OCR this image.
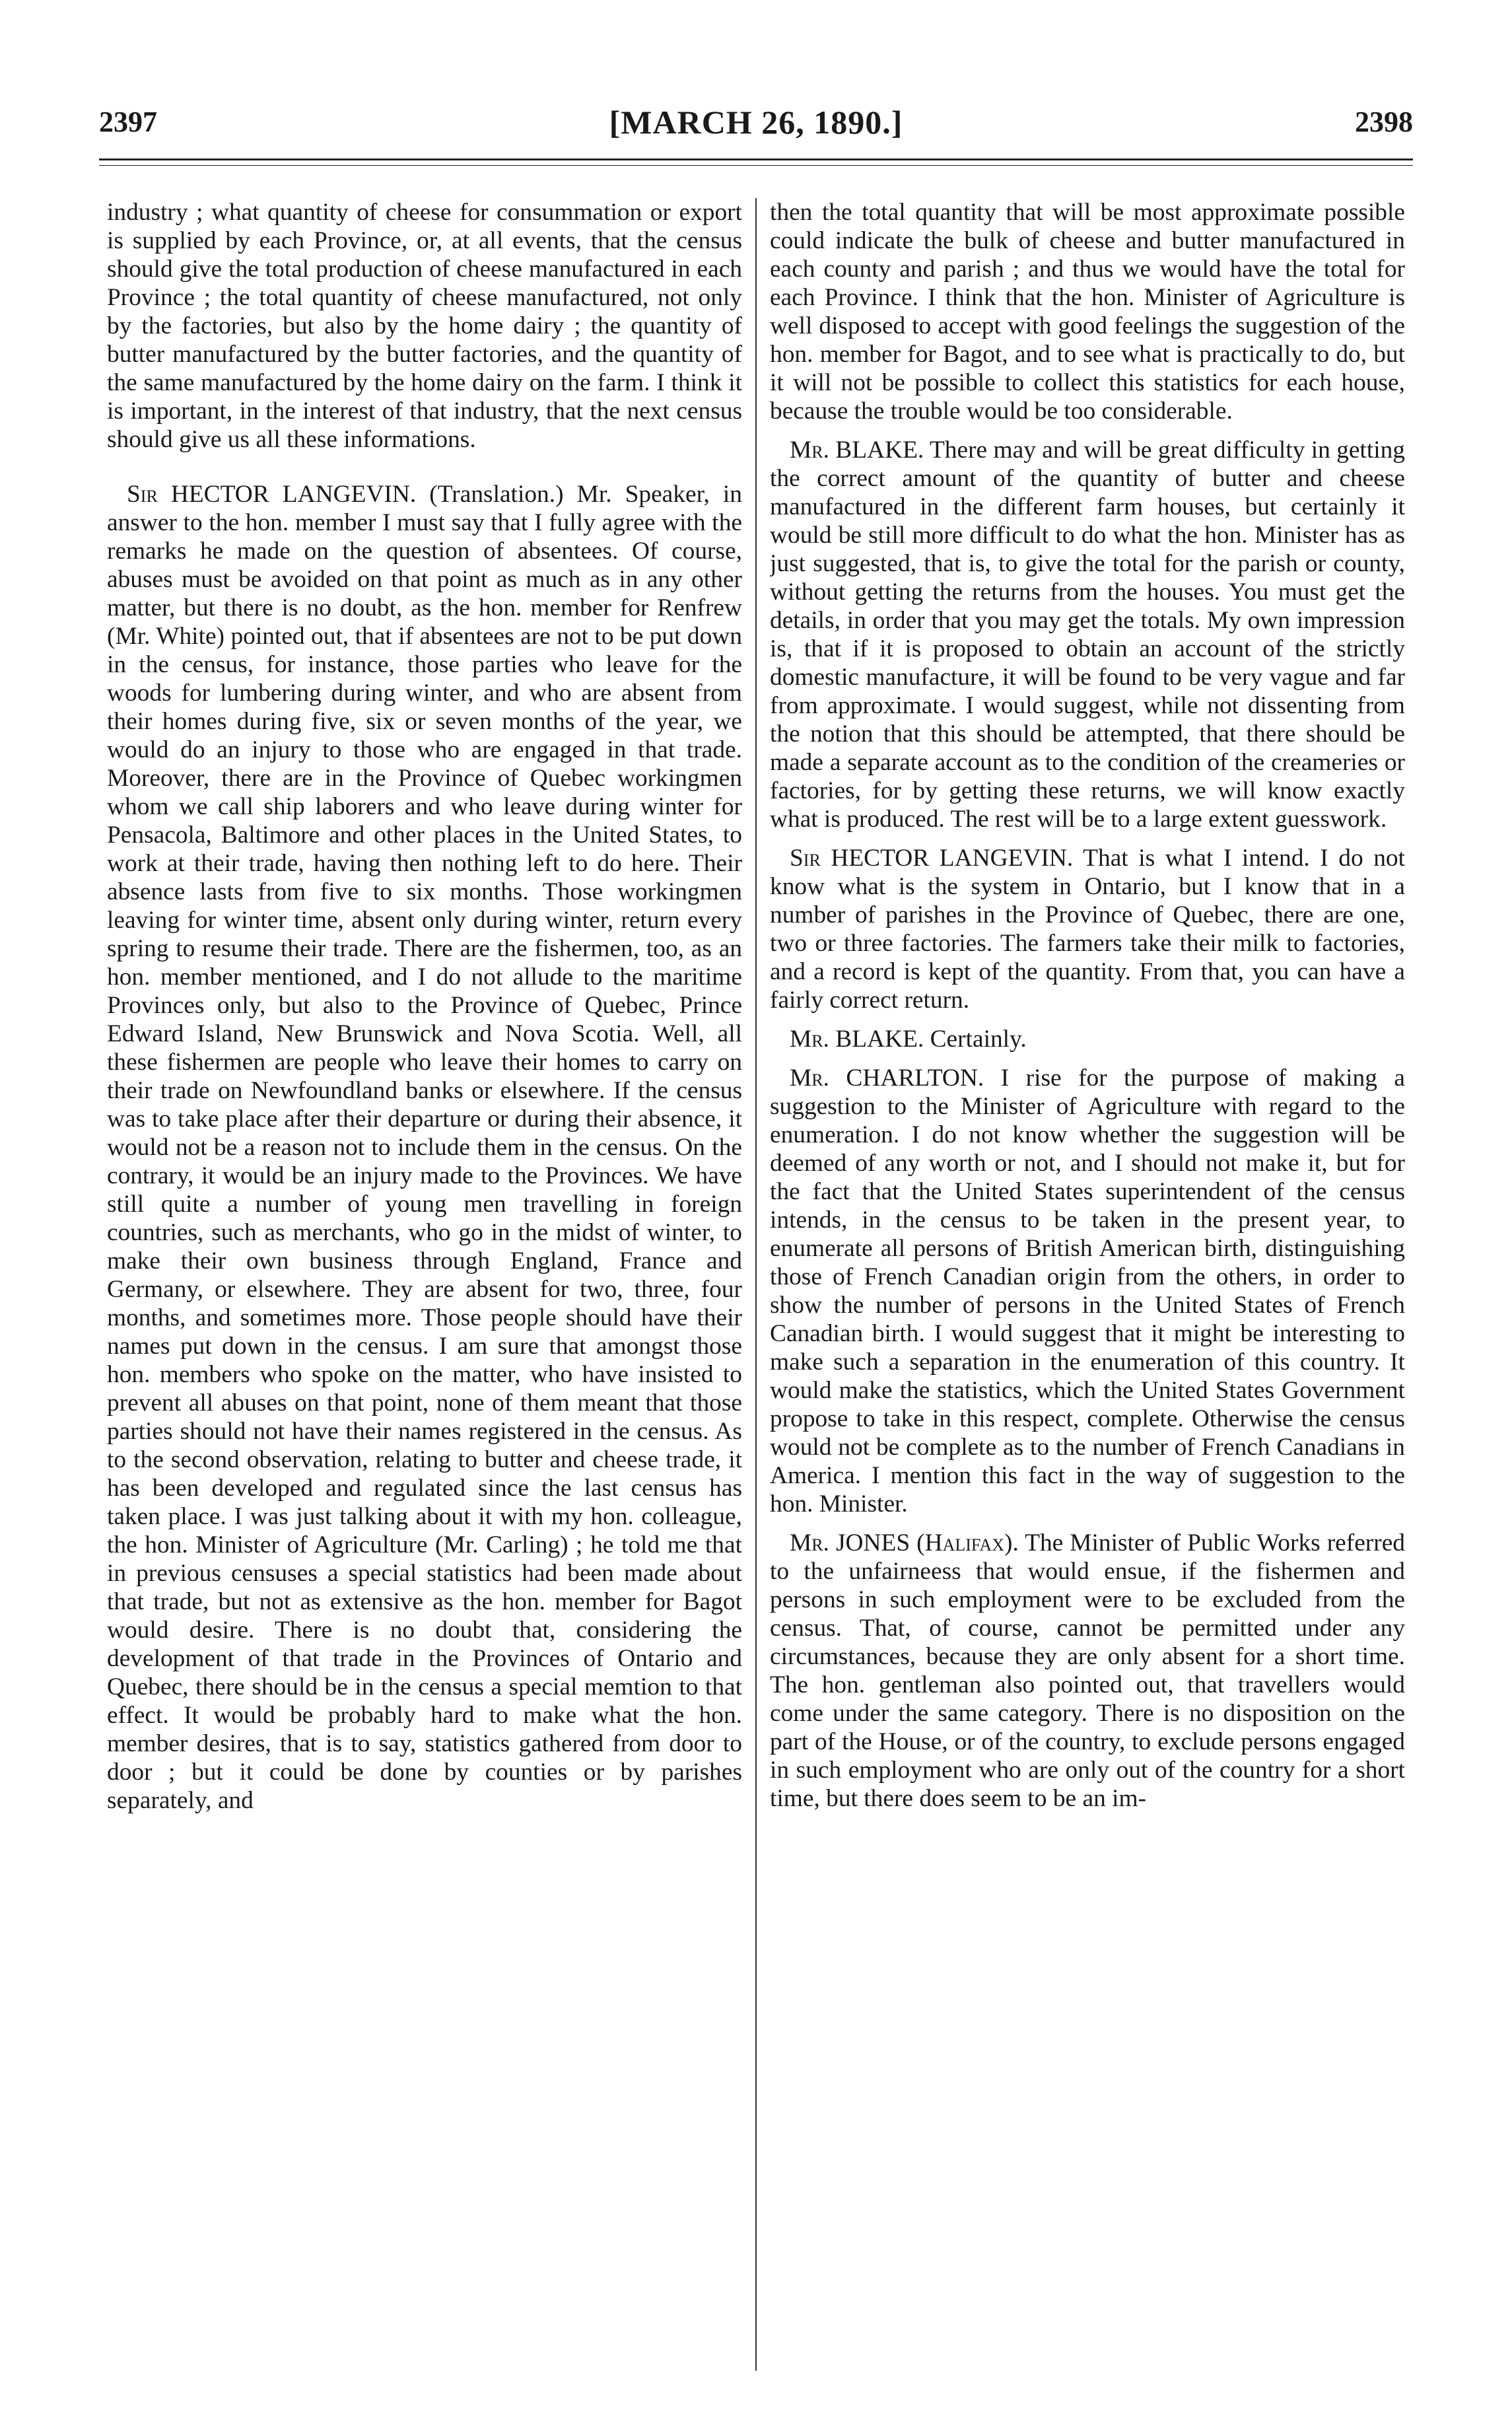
2397	[MARCH 26, 1890.]	2398

industry ; what quantity of cheese for consummation or export is supplied by each Province, or, at all events, that the census should give the total production of cheese manufactured in each Province ; the total quantity of cheese manufactured, not only by the factories, but also by the home dairy ; the quantity of butter manufactured by the butter factories, and the quantity of the same manufactured by the home dairy on the farm. I think it is important, in the interest of that industry, that the next census should give us all these informations.

Sir HECTOR LANGEVIN. (Translation.) Mr. Speaker, in answer to the hon. member I must say that I fully agree with the remarks he made on the question of absentees. Of course, abuses must be avoided on that point as much as in any other matter, but there is no doubt, as the hon. member for Renfrew (Mr. White) pointed out, that if absentees are not to be put down in the census, for instance, those parties who leave for the woods for lumbering during winter, and who are absent from their homes during five, six or seven months of the year, we would do an injury to those who are engaged in that trade. Moreover, there are in the Province of Quebec workingmen whom we call ship laborers and who leave during winter for Pensacola, Baltimore and other places in the United States, to work at their trade, having then nothing left to do here. Their absence lasts from five to six months. Those workingmen leaving for winter time, absent only during winter, return every spring to resume their trade. There are the fishermen, too, as an hon. member mentioned, and I do not allude to the maritime Provinces only, but also to the Province of Quebec, Prince Edward Island, New Brunswick and Nova Scotia. Well, all these fishermen are people who leave their homes to carry on their trade on Newfoundland banks or elsewhere. If the census was to take place after their departure or during their absence, it would not be a reason not to include them in the census. On the contrary, it would be an injury made to the Provinces. We have still quite a number of young men travelling in foreign countries, such as merchants, who go in the midst of winter, to make their own business through England, France and Germany, or elsewhere. They are absent for two, three, four months, and sometimes more. Those people should have their names put down in the census. I am sure that amongst those hon. members who spoke on the matter, who have insisted to prevent all abuses on that point, none of them meant that those parties should not have their names registered in the census. As to the second observation, relating to butter and cheese trade, it has been developed and regulated since the last census has taken place. I was just talking about it with my hon. colleague, the hon. Minister of Agriculture (Mr. Carling) ; he told me that in previous censuses a special statistics had been made about that trade, but not as extensive as the hon. member for Bagot would desire. There is no doubt that, considering the development of that trade in the Provinces of Ontario and Quebec, there should be in the census a special memtion to that effect. It would be probably hard to make what the hon. member desires, that is to say, statistics gathered from door to door ; but it could be done by counties or by parishes separately, and

then the total quantity that will be most approximate possible could indicate the bulk of cheese and butter manufactured in each county and parish ; and thus we would have the total for each Province. I think that the hon. Minister of Agriculture is well disposed to accept with good feelings the suggestion of the hon. member for Bagot, and to see what is practically to do, but it will not be possible to collect this statistics for each house, because the trouble would be too considerable.

Mr. BLAKE. There may and will be great difficulty in getting the correct amount of the quantity of butter and cheese manufactured in the different farm houses, but certainly it would be still more difficult to do what the hon. Minister has as just suggested, that is, to give the total for the parish or county, without getting the returns from the houses. You must get the details, in order that you may get the totals. My own impression is, that if it is proposed to obtain an account of the strictly domestic manufacture, it will be found to be very vague and far from approximate. I would suggest, while not dissenting from the notion that this should be attempted, that there should be made a separate account as to the condition of the creameries or factories, for by getting these returns, we will know exactly what is produced. The rest will be to a large extent guesswork.

Sir HECTOR LANGEVIN. That is what I intend. I do not know what is the system in Ontario, but I know that in a number of parishes in the Province of Quebec, there are one, two or three factories. The farmers take their milk to factories, and a record is kept of the quantity. From that, you can have a fairly correct return.

Mr. BLAKE. Certainly.

Mr. CHARLTON. I rise for the purpose of making a suggestion to the Minister of Agriculture with regard to the enumeration. I do not know whether the suggestion will be deemed of any worth or not, and I should not make it, but for the fact that the United States superintendent of the census intends, in the census to be taken in the present year, to enumerate all persons of British American birth, distinguishing those of French Canadian origin from the others, in order to show the number of persons in the United States of French Canadian birth. I would suggest that it might be interesting to make such a separation in the enumeration of this country. It would make the statistics, which the United States Government propose to take in this respect, complete. Otherwise the census would not be complete as to the number of French Canadians in America. I mention this fact in the way of suggestion to the hon. Minister.

Mr. JONES (Halifax). The Minister of Public Works referred to the unfairneess that would ensue, if the fishermen and persons in such employment were to be excluded from the census. That, of course, cannot be permitted under any circumstances, because they are only absent for a short time. The hon. gentleman also pointed out, that travellers would come under the same category. There is no disposition on the part of the House, or of the country, to exclude persons engaged in such employment who are only out of the country for a short time, but there does seem to be an im-
